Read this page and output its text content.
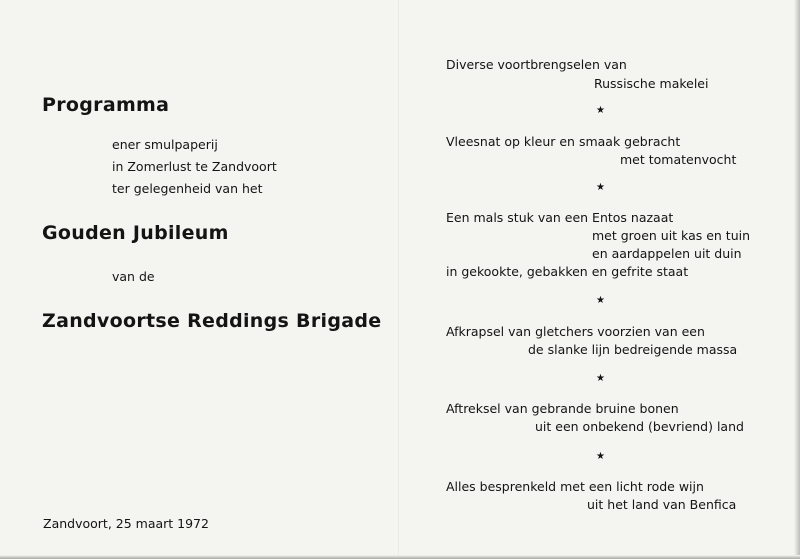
Programma
ener smulpaperij
in Zomerlust te Zandvoort
ter gelegenheid van het
Gouden Jubileum
van de
Zandvoortse Reddings Brigade
Zandvoort, 25 maart 1972
Diverse voortbrengselen van
Russische makelei
★
Vleesnat op kleur en smaak gebracht
met tomatenvocht
★
Een mals stuk van een Entos nazaat
met groen uit kas en tuin
en aardappelen uit duin
in gekookte, gebakken en gefrite staat
★
Afkrapsel van gletchers voorzien van een
de slanke lijn bedreigende massa
★
Aftreksel van gebrande bruine bonen
uit een onbekend (bevriend) land
★
Alles besprenkeld met een licht rode wijn
uit het land van Benfica
